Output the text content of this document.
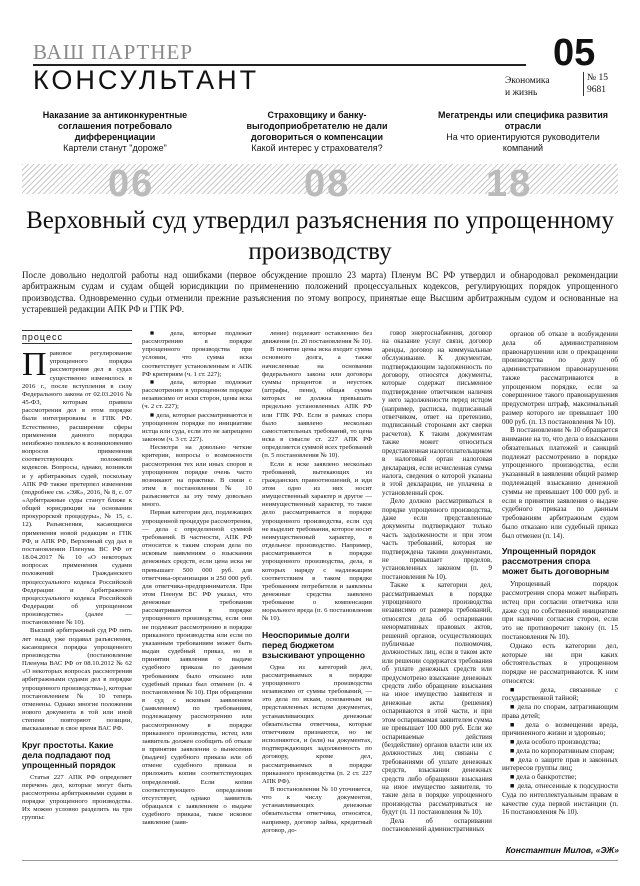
ВАШ ПАРТНЕР
КОНСУЛЬТАНТ
05
Экономика
и жизнь
№ 15
9681
Наказание за антиконкурентные соглашения потребовало дифференциации
Картели станут "дороже"
Страховщику и банку-выгодоприобретателю не дали договориться о компенсации
Какой интерес у страхователя?
Мегатренды или специфика развития отрасли
На что ориентируются руководители компаний
06	08	18
Верховный суд утвердил разъяснения по упрощенному производству
После довольно недолгой работы над ошибками (первое обсуждение прошло 23 марта) Пленум ВС РФ утвердил и обнародовал рекомендации арбитражным судам и судам общей юрисдикции по применению положений процессуальных кодексов, регулирующих порядок упрощенного производства. Одновременно судьи отменили прежние разъяснения по этому вопросу, принятые еще Высшим арбитражным судом и основанные на устаревшей редакции АПК РФ и ГПК РФ.
процесс

Правовое регулирование упрощенного порядка рассмотрения дел в судах существенно изменилось в 2016 г., после вступления в силу Федерального закона от 02.03.2016 № 45-ФЗ, которым правила рассмотрения дел в этом порядке были интегрированы в ГПК РФ. Естественно, расширение сферы применения данного порядка неизбежно повлекло к возникновению вопросов применения соответствующих положений кодексов. Вопросы, однако, возникли и у арбитражных судей, поскольку АПК РФ также претерпел изменения (подробнее см. «ЭЖ», 2016, № 8, с. 07 «Арбитражные суды станут ближе к общей юрисдикции на основании прокурорской процедуры», № 15, с. 12). Разъяснения, касающиеся применения новой редакции и ГПК РФ, и АПК РФ, Верховный суд дал в постановлении Пленума ВС РФ от 18.04.2017 № 10 «О некоторых вопросах применения судами положений Гражданского процессуального кодекса Российской Федерации и Арбитражного процессуального кодекса Российской Федерации об упрощенном производстве» (далее — постановление № 10).

Высший арбитражный суд РФ пять лет назад уже подавал разъяснения, касающиеся порядка упрощенного производства (постановление Пленума ВАС РФ от 08.10.2012 № 62 «О некоторых вопросах рассмотрения арбитражными судами дел в порядке упрощенного производства»), которые постановлением № 10 теперь отменены. Однако многие положения нового документа в той или иной степени повторяют позиции, высказанные в свое время ВАС РФ.

Круг простоты. Какие дела подпадают под упрощенный порядок

Статья 227 АПК РФ определяет перечень дел, которые могут быть рассмотрены арбитражными судами в порядке упрощенного производства. Их можно условно разделить на три группы:

■ дела, которые подлежат рассмотрению в порядке упрощенного производства при условии, что сумма иска соответствует установленным в АПК РФ критериям (ч. 1 ст. 227);

■ дела, которые подлежат рассмотрению в упрощенном порядке независимо от иски сторон, цены иска (ч. 2 ст. 227);

■ дела, которые рассматриваются в упрощенном порядке по инициативе истца или суда, если это не запрещено законом (ч. 3 ст. 227).

Несмотря на довольно четкие критерии, вопросы о возможности рассмотрения тех или иных споров в упрощенном порядке очень часто возникают на практике. В связи с этим в постановлении № 10 разъясняется за эту тему довольно много.

Первая категория дел, подлежащих упрощенной процедуре рассмотрения, — дела с определенной суммой требований. В частности, АПК РФ относится к таким спорам дела по исковым заявлениям о взыскании денежных средств, если цена иска не превышает 500 000 руб. для ответчика-организации и 250 000 руб. для ответчика-предпринимателя. При этом Пленум ВС РФ указал, что денежные требования рассматриваются в порядке упрощенного производства, если они не подлежат рассмотрению в порядке приказного производства или если по указанным требованиям может быть выдан судебный приказ, но в принятии заявления о выдаче судебного приказа по данным требованиям было отказано или судебный приказ был отменен (п. 4 постановления № 10). При обращении в суд с исковым заявлением (заявлением) по требованиям, подлежащему рассмотрению или рассмотренному в порядке приказного производства, истец или заявитель должен сообщить об отказе в принятии заявления о вынесении (выдаче) судебного приказа или об отмене судебного приказа и приложить копии соответствующих определений. Если копии соответствующего определения отсутствует, однако заявитель обращался с заявлением о выдаче судебного приказа, такое исковое заявление (заяв-

ление) подлежит оставлению без движения (п. 20 постановления № 10).

В понятие цены иска входит сумма основного долга, а также начисленные на основании федерального закона или договора суммы процентов и неустоек (штрафы, пени), общая сумма которых не должна превышать предельно установленных АПК РФ или ГПК РФ. Если в рамках спора было заявлено несколько самостоятельных требований, то цена иска в смысле ст. 227 АПК РФ определяется суммой всех требований (п. 5 постановления № 10).

Если в иске заявлено несколько требований, вытекающих из гражданских правоотношений, и иди этом одно из них носит имущественный характер и другое — неимущественный характер, то такое дело рассматривается в порядке упрощенного производства, если суд не выделит требования, которое носит неимущественный характер, в отдельное производство. Например, рассматриваются в порядке упрощенного производства, дела, в которых наряду с надлежащим соответствием в таком порядке требованиям потребителя и заявлены денежные средства заявлено требование о компенсации морального вреда (п. 6 постановления № 10).

Неоспоримые долги перед бюджетом взыскивают упрощенно

Одна из категорий дел, рассматриваемых в порядке упрощенного производства независимо от суммы требований, — это дела по искам, основанным на представленных истцом документах, устанавливающих денежные обязательства ответчика, которые ответчиком признаются, но не исполняются, и (или) на документах, подтверждающих задолженность по договору, кроме дел, рассматриваемых в порядке приказного производства (п. 2 ст. 227 АПК РФ).

В постановлении № 10 уточняется, что к числу документов, устанавливающих денежные обязательства ответчика, относятся, например, договор займа, кредитный договор, до-

говор энергоснабжения, договор на оказание услуг связи, договор аренды, договор на коммунальные обслуживание. К документам, подтверждающим задолженность по договору, относятся документы, которые содержат письменное подтверждение ответчиком наличия у него задолженности перед истцом (например, расписка, подписанный ответчиком, ответ на претензию, подписанный сторонами акт сверки расчетов). К таким документам также может относиться представленная налогоплательщиком в налоговый орган налоговая декларация, если исчисленная сумма налога, сведения о которой указаны в этой декларации, не уплачена в установленный срок.

Дело должно рассматриваться в порядке упрощенного производства, даже если представленные документы подтверждают только часть задолженности и при этом часть требований, которая не подтверждена такими документами, не превышает пределов, установленных законом (п. 9 постановления № 10).

Также к категории дел, рассматриваемых в порядке упрощенного производства независимо от размера требований, относятся дела об оспаривании ненормативных правовых актов, решений органов, осуществляющих публичные полномочия, должностных лиц, если в таком акте или решении содержатся требования об уплате денежных средств или предусмотрено взыскание денежных средств либо обращение взыскания на иное имущество заявителя и денежные акты (решения) оспариваются в этой части, и при этом оспариваемая заявителем сумма не превышает 100 000 руб. Если же оспариваемые действия (бездействие) органов власти или их должностных лиц связаны с требованиями об уплате денежных средств, взыскании денежных средств либо обращении взыскания на иное имущество заявителя, то такие дела в порядке упрощенного производства рассматриваться не будут (п. 11 постановления № 10).

Дела об оспаривании постановлений административных

органов об отказе в возбуждении дела об административном правонарушении или о прекращении производства по делу об административном правонарушении также рассматриваются в упрощенном порядке, если за совершенное такого правонарушения предусмотрен штраф, максимальный размер которого не превышает 100 000 руб. (п. 13 постановления № 10).

В постановлении № 10 обращается внимание на то, что дела о взыскании обязательных платежей и санкций подлежат рассмотрению в порядке упрощенного производства, если указанный в заявлении общий размер подлежащей взысканию денежной суммы не превышает 100 000 руб. и если в принятии заявления о выдаче судебного приказа по данным требованиям арбитражным судом было отказано или судебный приказ был отменен (п. 14).

Упрощенный порядок рассмотрения спора может быть договорным

Упрощенный порядок рассмотрения спора может выбирать истец при согласии ответчика или даже суд по собственной инициативе при наличии согласия сторон, если это не противоречит закону (п. 15 постановления № 10).

Однако есть категории дел, которые ни при каких обстоятельствах в упрощенном порядке не рассматриваются. К ним относятся:

■ дела, связанные с государственной тайной;

■ дела по спорам, затрагивающим права детей;

■ дела о возмещении вреда, причиненного жизни и здоровью;

■ дела особого производства;

■ дела по корпоративным спорам;

■ дела о защите прав и законных интересов группы лиц;

■ дела о банкротстве;

■ дела, отнесенные к подсудности Суда по интеллектуальным правам в качестве суда первой инстанции (п. 16 постановления № 10).

Константин Милов, «ЭЖ»
